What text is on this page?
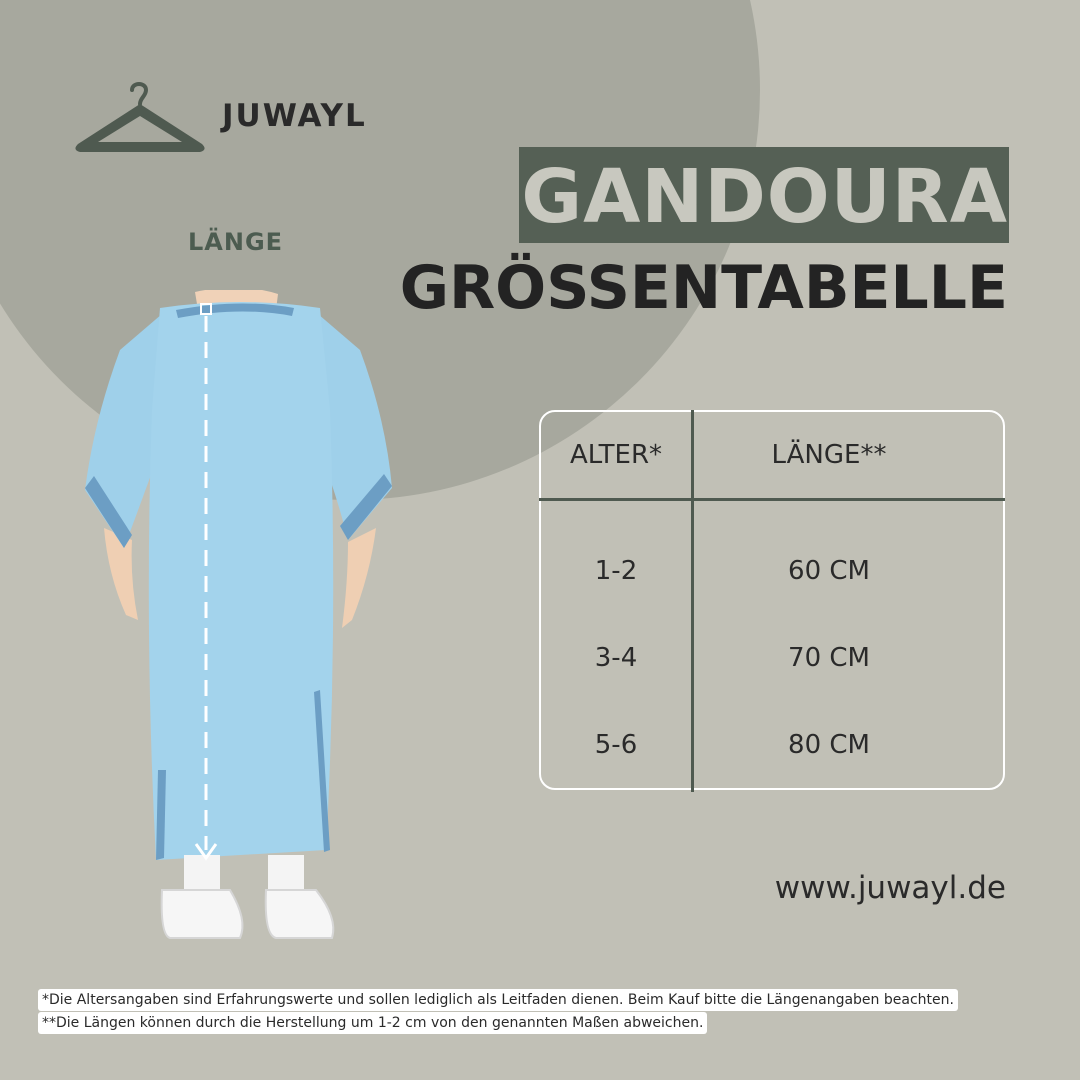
JUWAYL
LÄNGE
GANDOURA
GRÖSSENTABELLE
ALTER*	LÄNGE**
1-2	60 CM
3-4	70 CM
5-6	80 CM
www.juwayl.de
*Die Altersangaben sind Erfahrungswerte und sollen lediglich als Leitfaden dienen. Beim Kauf bitte die Längenangaben beachten.
**Die Längen können durch die Herstellung um 1-2 cm von den genannten Maßen abweichen.
